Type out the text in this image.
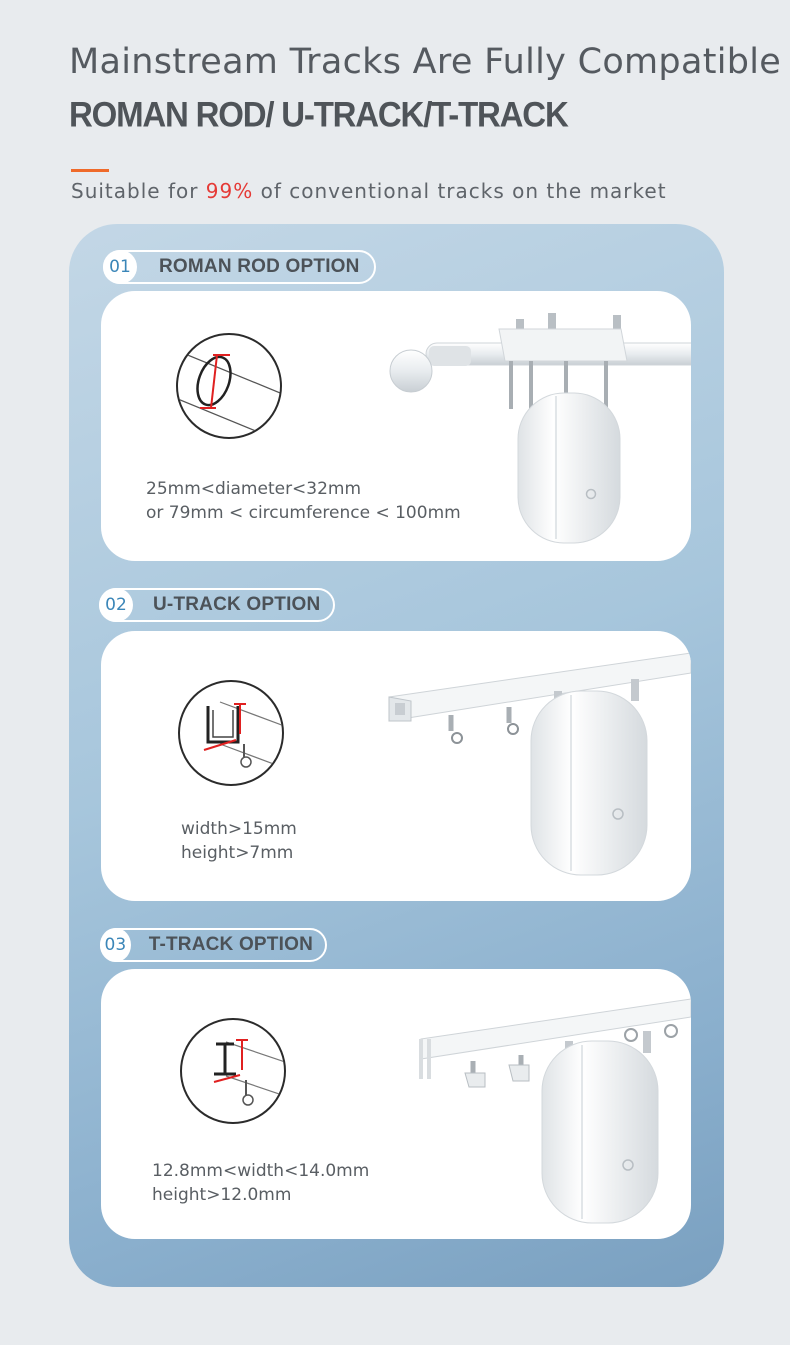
Mainstream Tracks Are Fully Compatible
ROMAN ROD/ U-TRACK/T-TRACK
Suitable for 99% of conventional tracks on the market
01	ROMAN ROD OPTION
25mm<diameter<32mm
or 79mm < circumference < 100mm
02	U-TRACK OPTION
width>15mm
height>7mm
03 T-TRACK OPTION
12.8mm<width<14.0mm
height>12.0mm
